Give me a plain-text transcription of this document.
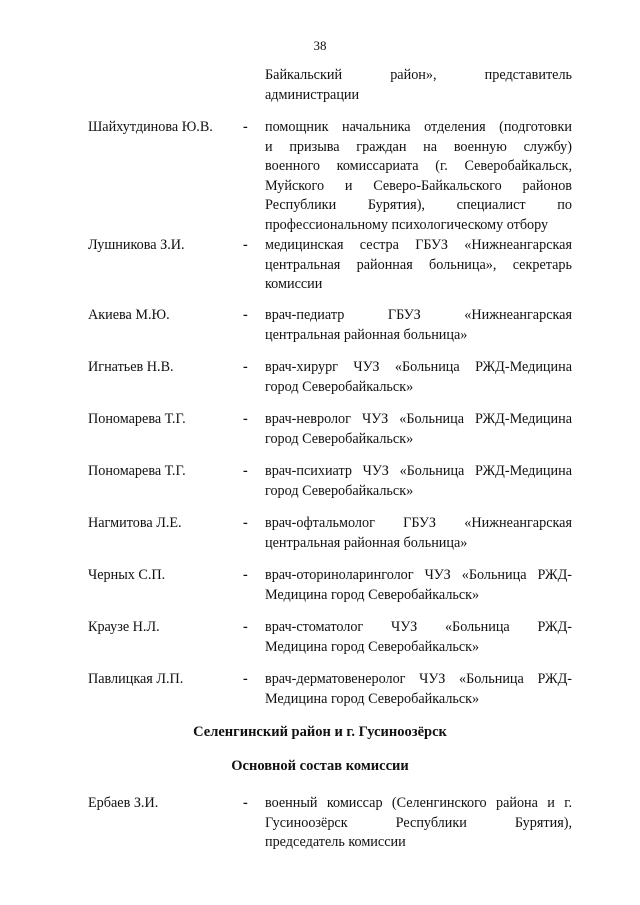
38
Байкальский район», представитель
администрации
Шайхутдинова Ю.В. - помощник начальника отделения (подготовки
и призыва граждан на военную службу)
военного комиссариата (г. Северобайкальск,
Муйского и Северо-Байкальского районов
Республики Бурятия), специалист по
профессиональному психологическому отбору
Лушникова З.И.	- медицинская сестра ГБУЗ «Нижнеангарская
центральная районная больница», секретарь
комиссии
Акиева М.Ю.	- врач-педиатр ГБУЗ «Нижнеангарская
центральная районная больница»
Игнатьев Н.В.	- врач-хирург ЧУЗ «Больница РЖД-Медицина
город Северобайкальск»
Пономарева Т.Г.	- врач-невролог ЧУЗ «Больница РЖД-Медицина
город Северобайкальск»
Пономарева Т.Г.	- врач-психиатр ЧУЗ «Больница РЖД-Медицина
город Северобайкальск»
Нагмитова Л.Е.	- врач-офтальмолог ГБУЗ «Нижнеангарская
центральная районная больница»
Черных С.П.	- врач-оториноларинголог ЧУЗ «Больница РЖД-
Медицина город Северобайкальск»
Краузе Н.Л.	- врач-стоматолог ЧУЗ «Больница РЖД-
Медицина город Северобайкальск»
Павлицкая Л.П.	- врач-дерматовенеролог ЧУЗ «Больница РЖД-
Медицина город Северобайкальск»
Селенгинский район и г. Гусиноозёрск
Основной состав комиссии
Ербаев З.И.	- военный комиссар (Селенгинского района и г.
Гусиноозёрск Республики Бурятия),
председатель комиссии
